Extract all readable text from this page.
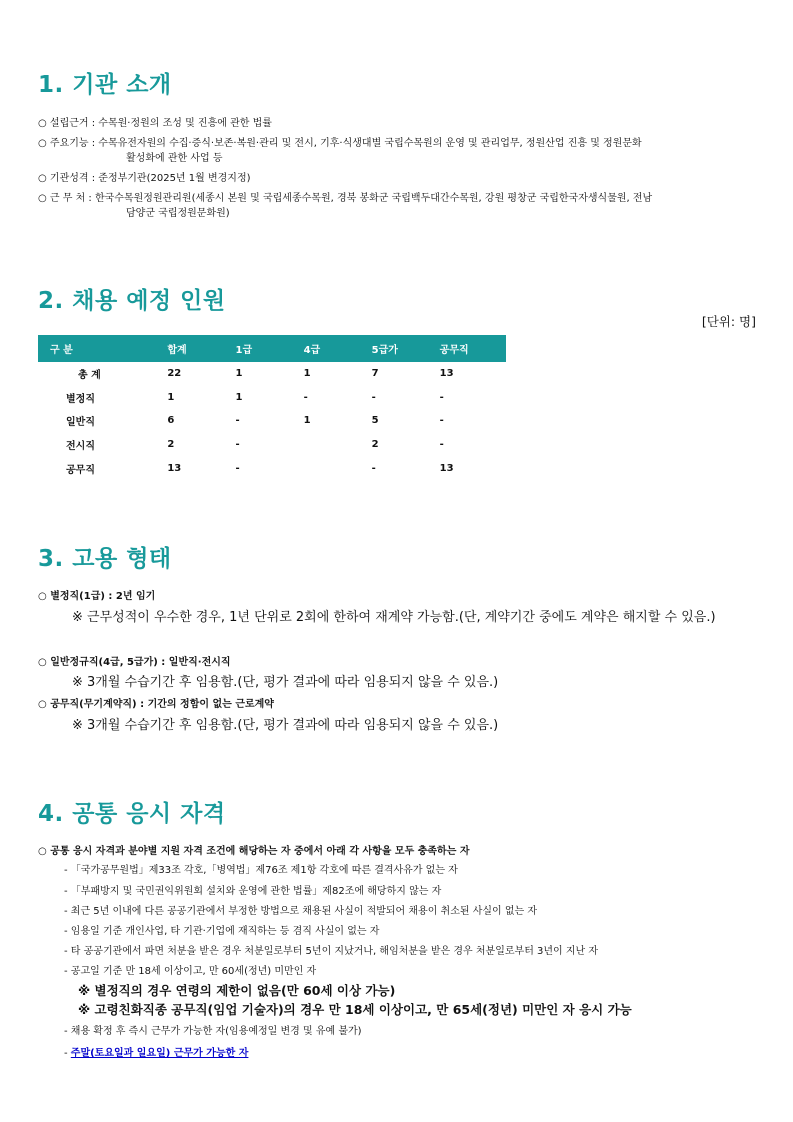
1. 기관 소개
○ 설립근거 : 수목원·정원의 조성 및 진흥에 관한 법률
○ 주요기능 : 수목유전자원의 수집·증식·보존·복원·관리 및 전시, 기후·식생대별 국립수목원의 운영 및 관리업무, 정원산업 진흥 및 정원문화
활성화에 관한 사업 등
○ 기관성격 : 준정부기관(2025년 1월 변경지정)
○ 근 무 처 : 한국수목원정원관리원(세종시 본원 및 국립세종수목원, 경북 봉화군 국립백두대간수목원, 강원 평창군 국립한국자생식물원, 전남
담양군 국립정원문화원)
2. 채용 예정 인원
[단위: 명]
구 분	합계	1급	4급	5급가	공무직
총 계	22	1	1	7	13
별정직	1	1	-	-	-
일반직	6	-	1	5	-
전시직	2	-		2	-
공무직	13	-		-	13
3. 고용 형태
○ 별정직(1급) : 2년 임기
※ 근무성적이 우수한 경우, 1년 단위로 2회에 한하여 재계약 가능함.(단, 계약기간 중에도 계약은 해지할 수 있음.)
○ 일반정규직(4급, 5급가) : 일반직·전시직
※ 3개월 수습기간 후 임용함.(단, 평가 결과에 따라 임용되지 않을 수 있음.)
○ 공무직(무기계약직) : 기간의 정함이 없는 근로계약
※ 3개월 수습기간 후 임용함.(단, 평가 결과에 따라 임용되지 않을 수 있음.)
4. 공통 응시 자격
○ 공통 응시 자격과 분야별 지원 자격 조건에 해당하는 자 중에서 아래 각 사항을 모두 충족하는 자
- 「국가공무원법」제33조 각호,「병역법」제76조 제1항 각호에 따른 결격사유가 없는 자
- 「부패방지 및 국민권익위원회 설치와 운영에 관한 법률」제82조에 해당하지 않는 자
- 최근 5년 이내에 다른 공공기관에서 부정한 방법으로 채용된 사실이 적발되어 채용이 취소된 사실이 없는 자
- 임용일 기준 개인사업, 타 기관·기업에 재직하는 등 겸직 사실이 없는 자
- 타 공공기관에서 파면 처분을 받은 경우 처분일로부터 5년이 지났거나, 해임처분을 받은 경우 처분일로부터 3년이 지난 자
- 공고일 기준 만 18세 이상이고, 만 60세(정년) 미만인 자
※ 별정직의 경우 연령의 제한이 없음(만 60세 이상 가능)
※ 고령친화직종 공무직(임업 기술자)의 경우 만 18세 이상이고, 만 65세(정년) 미만인 자 응시 가능
- 채용 확정 후 즉시 근무가 가능한 자(임용예정일 변경 및 유예 불가)
- 주말(토요일과 일요일) 근무가 가능한 자
